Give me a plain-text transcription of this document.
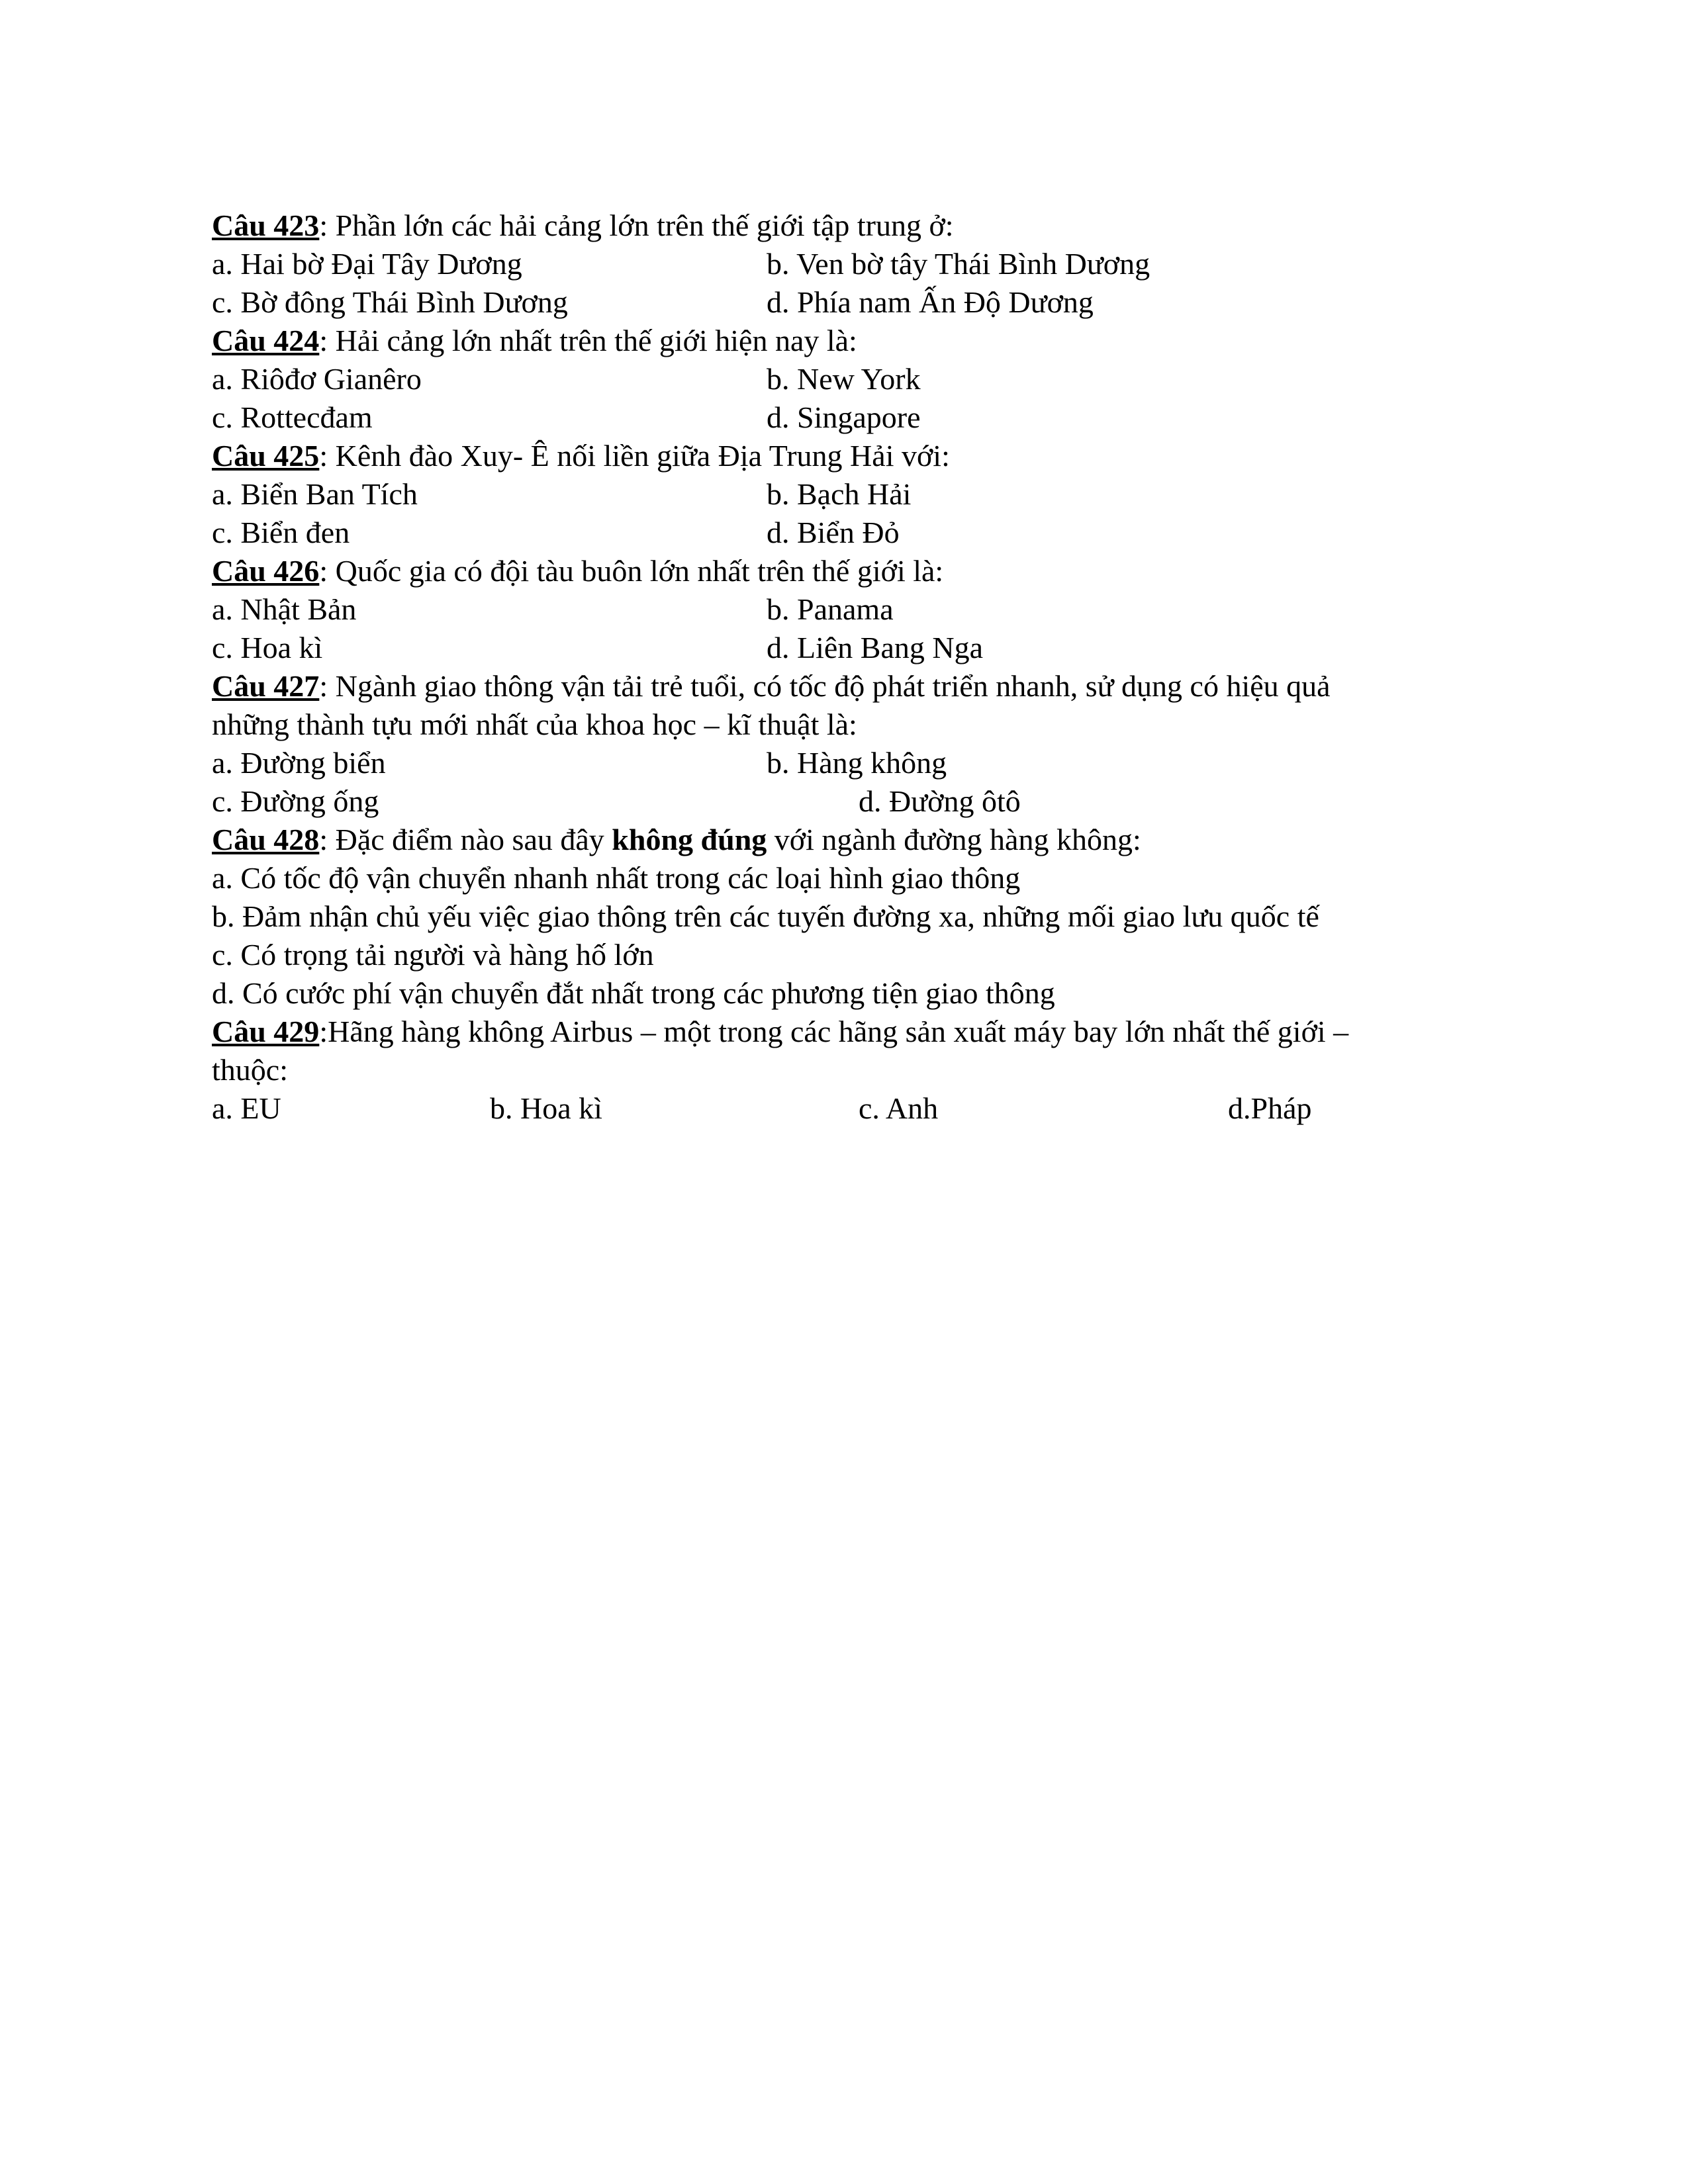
Câu 423: Phần lớn các hải cảng lớn trên thế giới tập trung ở:
a. Hai bờ Đại Tây Dương	b. Ven bờ tây Thái Bình Dương
c. Bờ đông Thái Bình Dương	d. Phía nam Ấn Độ Dương
Câu 424: Hải cảng lớn nhất trên thế giới hiện nay là:
a. Riôđơ Gianêro	b. New York
c. Rottecđam	d. Singapore
Câu 425: Kênh đào Xuy- Ê nối liền giữa Địa Trung Hải với:
a. Biển Ban Tích	b. Bạch Hải
c. Biển đen	d. Biển Đỏ
Câu 426: Quốc gia có đội tàu buôn lớn nhất trên thế giới là:
a. Nhật Bản	b. Panama
c. Hoa kì	d. Liên Bang Nga
Câu 427: Ngành giao thông vận tải trẻ tuổi, có tốc độ phát triển nhanh, sử dụng có hiệu quả
những thành tựu mới nhất của khoa học – kĩ thuật là:
a. Đường biển	b. Hàng không
c. Đường ống	d. Đường ôtô
Câu 428: Đặc điểm nào sau đây không đúng với ngành đường hàng không:
a. Có tốc độ vận chuyển nhanh nhất trong các loại hình giao thông
b. Đảm nhận chủ yếu việc giao thông trên các tuyến đường xa, những mối giao lưu quốc tế
c. Có trọng tải người và hàng hố lớn
d. Có cước phí vận chuyển đắt nhất trong các phương tiện giao thông
Câu 429:Hãng hàng không Airbus – một trong các hãng sản xuất máy bay lớn nhất thế giới –
thuộc:
a. EU	b. Hoa kì	c. Anh	d.Pháp
